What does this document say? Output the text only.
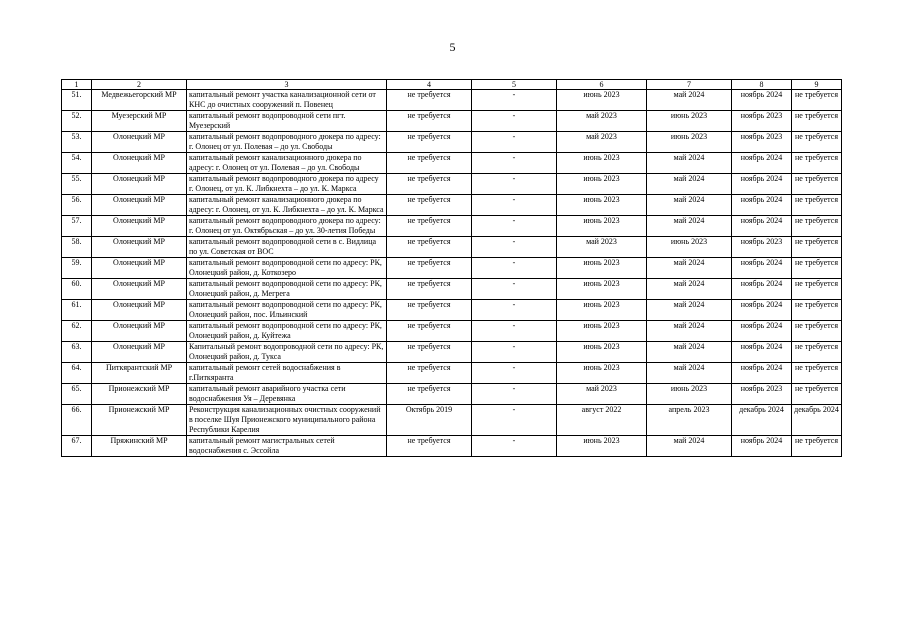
5
1	2	3	4	5	6	7	8	9
51.	Медвежьегорский МР	капитальный ремонт участка канализационной сети от КНС до очистных сооружений п. Повенец	не требуется	-	июнь 2023	май 2024	ноябрь 2024	не требуется
52.	Муезерский МР	капитальный ремонт водопроводной сети пгт. Муезерский	не требуется	-	май 2023	июнь 2023	ноябрь 2023	не требуется
53.	Олонецкий МР	капитальный ремонт водопроводного дюкера по адресу: г. Олонец от ул. Полевая – до ул. Свободы	не требуется	-	май 2023	июнь 2023	ноябрь 2023	не требуется
54.	Олонецкий МР	капитальный ремонт канализационного дюкера по адресу: г. Олонец от ул. Полевая – до ул. Свободы	не требуется	-	июнь 2023	май 2024	ноябрь 2024	не требуется
55.	Олонецкий МР	капитальный ремонт водопроводного дюкера по адресу г. Олонец, от ул. К. Либкнехта – до ул. К. Маркса	не требуется	-	июнь 2023	май 2024	ноябрь 2024	не требуется
56.	Олонецкий МР	капитальный ремонт канализационного дюкера по адресу: г. Олонец, от ул. К. Либкнехта – до ул. К. Маркса	не требуется	-	июнь 2023	май 2024	ноябрь 2024	не требуется
57.	Олонецкий МР	капитальный ремонт водопроводного дюкера по адресу: г. Олонец от ул. Октябрьская – до ул. 30-летия Победы	не требуется	-	июнь 2023	май 2024	ноябрь 2024	не требуется
58.	Олонецкий МР	капитальный ремонт водопроводной сети в с. Видлица по ул. Советская от ВОС	не требуется	-	май 2023	июнь 2023	ноябрь 2023	не требуется
59.	Олонецкий МР	капитальный ремонт водопроводной сети по адресу: РК, Олонецкий район, д. Коткозеро	не требуется	-	июнь 2023	май 2024	ноябрь 2024	не требуется
60.	Олонецкий МР	капитальный ремонт водопроводной сети по адресу: РК, Олонецкий район, д. Мегрега	не требуется	-	июнь 2023	май 2024	ноябрь 2024	не требуется
61.	Олонецкий МР	капитальный ремонт водопроводной сети по адресу: РК, Олонецкий район, пос. Ильинский	не требуется	-	июнь 2023	май 2024	ноябрь 2024	не требуется
62.	Олонецкий МР	капитальный ремонт водопроводной сети по адресу: РК, Олонецкий район, д. Куйтежа	не требуется	-	июнь 2023	май 2024	ноябрь 2024	не требуется
63.	Олонецкий МР	Капитальный ремонт водопроводной сети по адресу: РК, Олонецкий район, д. Тукса	не требуется	-	июнь 2023	май 2024	ноябрь 2024	не требуется
64.	Питкярантский МР	капитальный ремонт сетей водоснабжения в г.Питкяранта	не требуется	-	июнь 2023	май 2024	ноябрь 2024	не требуется
65.	Прионежский МР	капитальный ремонт аварийного участка сети водоснабжения Уя – Деревянка	не требуется	-	май 2023	июнь 2023	ноябрь 2023	не требуется
66.	Прионежский МР	Реконструкция канализационных очистных сооружений в поселке Шуя Прионежского муниципального района Республики Карелия	Октябрь 2019	-	август 2022	апрель 2023	декабрь 2024	декабрь 2024
67.	Пряжинский МР	капитальный ремонт магистральных сетей водоснабжения с. Эссойла	не требуется	-	июнь 2023	май 2024	ноябрь 2024	не требуется
